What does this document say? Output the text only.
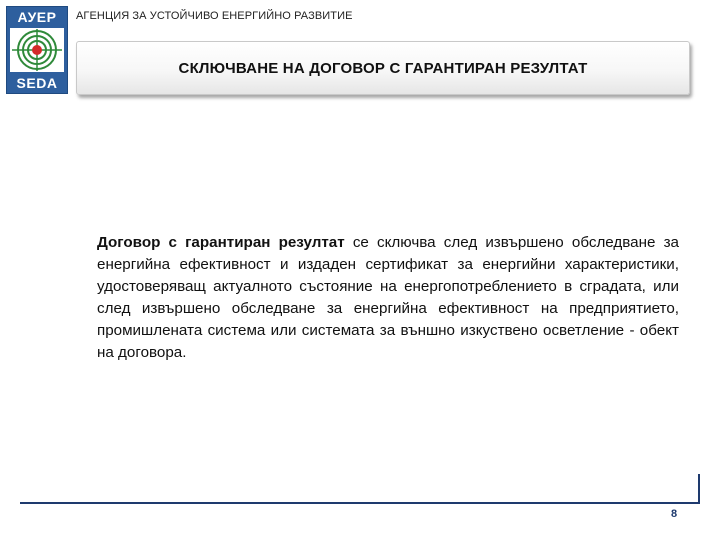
АУЕР
SEDA
АГЕНЦИЯ ЗА УСТОЙЧИВО ЕНЕРГИЙНО РАЗВИТИЕ
СКЛЮЧВАНЕ НА ДОГОВОР С ГАРАНТИРАН РЕЗУЛТАТ
Договор с гарантиран резултат се сключва след извършено обследване за енергийна ефективност и издаден сертификат за енергийни характеристики, удостоверяващ актуалното състояние на енергопотреблението в сградата, или след извършено обследване за енергийна ефективност на предприятието, промишлената система или системата за външно изкуствено осветление - обект на договора.
8
